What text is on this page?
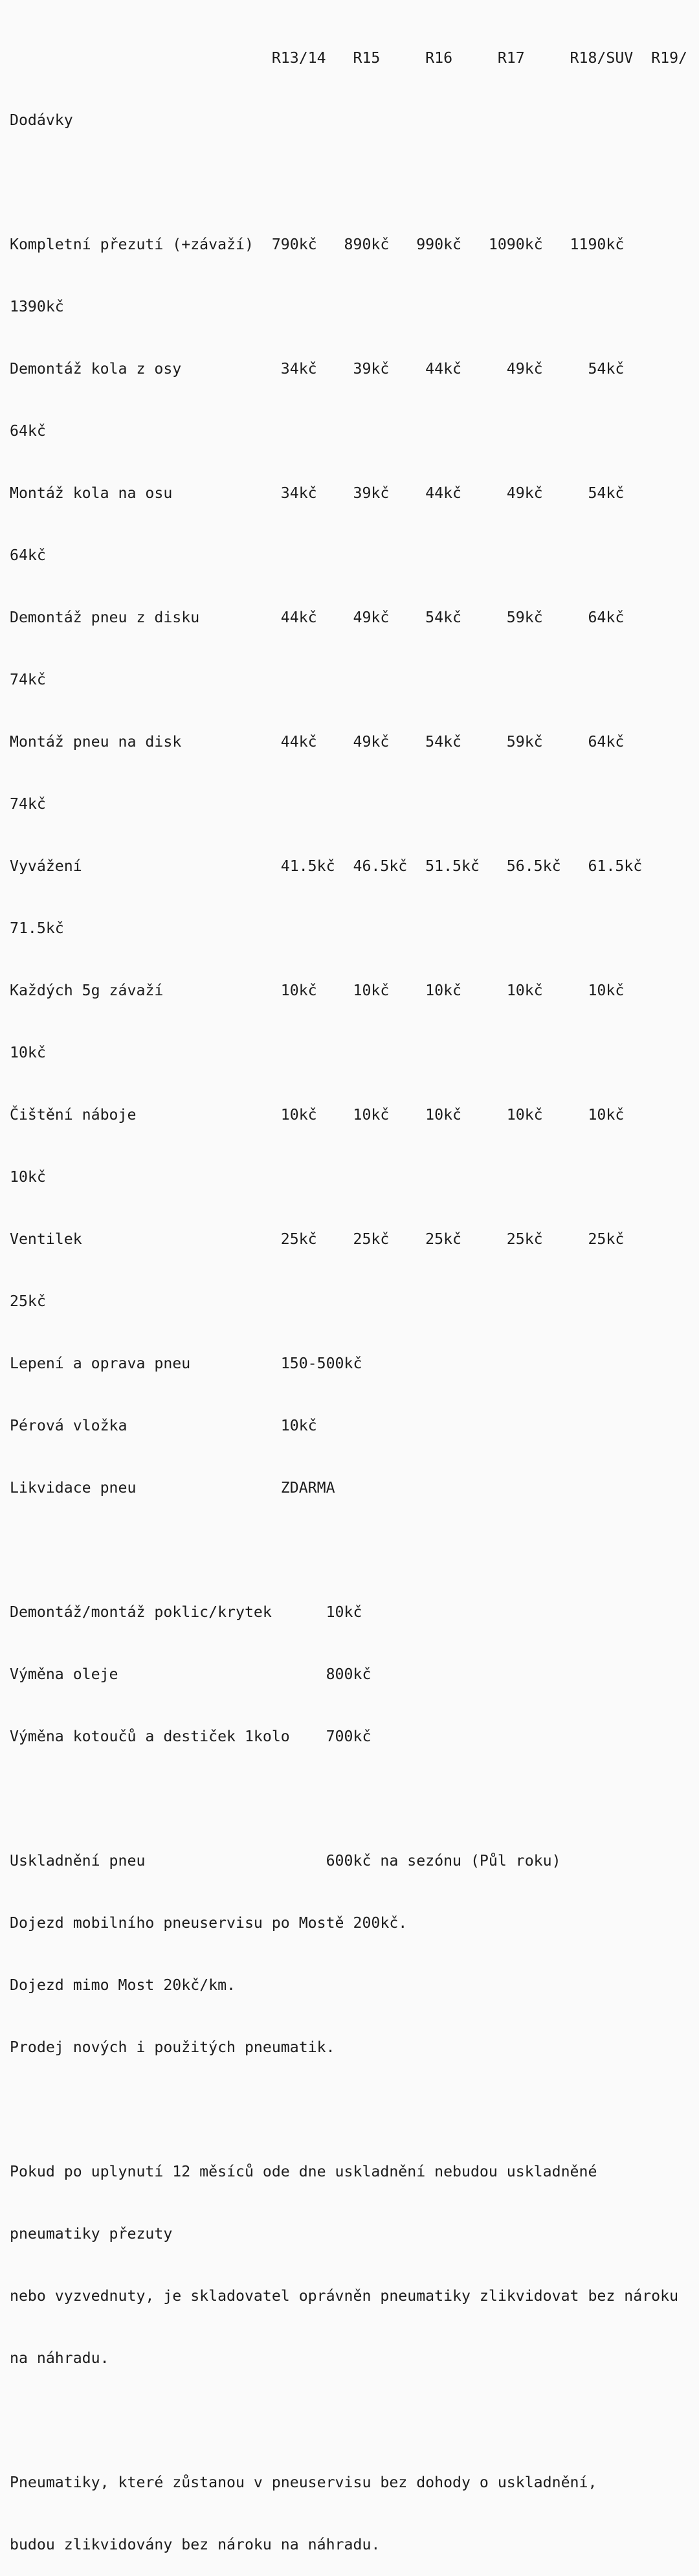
R13/14   R15     R16     R17     R18/SUV  R19/

Dodávky

Kompletní přezutí (+závaží)  790kč   890kč   990kč   1090kč   1190kč

1390kč

Demontáž kola z osy           34kč    39kč    44kč     49kč     54kč

64kč

Montáž kola na osu            34kč    39kč    44kč     49kč     54kč

64kč

Demontáž pneu z disku         44kč    49kč    54kč     59kč     64kč

74kč

Montáž pneu na disk           44kč    49kč    54kč     59kč     64kč

74kč

Vyvážení                      41.5kč  46.5kč  51.5kč   56.5kč   61.5kč

71.5kč

Každých 5g závaží             10kč    10kč    10kč     10kč     10kč

10kč

Čištění náboje                10kč    10kč    10kč     10kč     10kč

10kč

Ventilek                      25kč    25kč    25kč     25kč     25kč

25kč

Lepení a oprava pneu          150-500kč

Pérová vložka                 10kč

Likvidace pneu                ZDARMA

Demontáž/montáž poklic/krytek      10kč

Výměna oleje                       800kč

Výměna kotoučů a destiček 1kolo    700kč

Uskladnění pneu                    600kč na sezónu (Půl roku)

Dojezd mobilního pneuservisu po Mostě 200kč.

Dojezd mimo Most 20kč/km.

Prodej nových i použitých pneumatik.

Pokud po uplynutí 12 měsíců ode dne uskladnění nebudou uskladněné

pneumatiky přezuty

nebo vyzvednuty, je skladovatel oprávněn pneumatiky zlikvidovat bez nároku

na náhradu.

Pneumatiky, které zůstanou v pneuservisu bez dohody o uskladnění,

budou zlikvidovány bez nároku na náhradu.
